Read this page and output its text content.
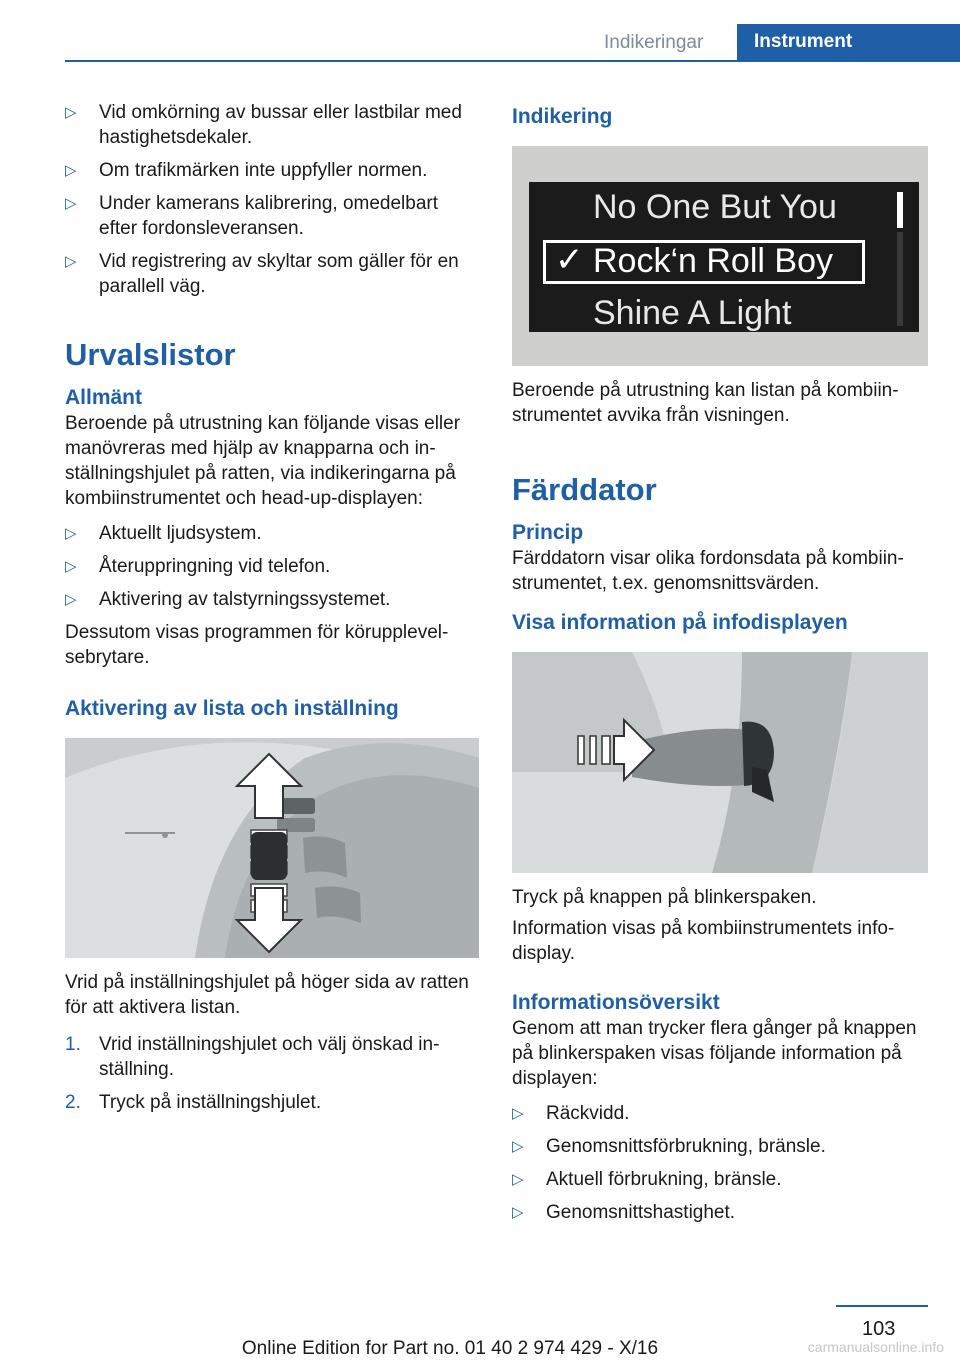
Indikeringar	Instrument
▷ Vid omkörning av bussar eller lastbilar med hastighetsdekaler.
▷ Om trafikmärken inte uppfyller normen.
▷ Under kamerans kalibrering, omedelbart efter fordonsleveransen.
▷ Vid registrering av skyltar som gäller för en parallell väg.
Urvalslistor
Allmänt

Beroende på utrustning kan följande visas eller manövreras med hjälp av knapparna och inställningshjulet på ratten, via indikeringarna på kombiinstrumentet och head-up-displayen:

▷ Aktuellt ljudsystem.
▷ Återuppringning vid telefon.
▷ Aktivering av talstyrningssystemet.

Dessutom visas programmen för körupplevelsebrytare.

Aktivering av lista och inställning

Vrid på inställningshjulet på höger sida av ratten för att aktivera listan.

1. Vrid inställningshjulet och välj önskad inställning.
2. Tryck på inställningshjulet.
Indikering
No One But You
✓ Rock‘n Roll Boy
Shine A Light

Beroende på utrustning kan listan på kombiinstrumentet avvika från visningen.

Färddator
Princip

Färddatorn visar olika fordonsdata på kombiinstrumentet, t.ex. genomsnittsvärden.

Visa information på infodisplayen

Tryck på knappen på blinkerspaken.

Information visas på kombiinstrumentets infodisplay.

Informationsöversikt

Genom att man trycker flera gånger på knappen på blinkerspaken visas följande information på displayen:

▷ Räckvidd.
▷ Genomsnittsförbrukning, bränsle.
▷ Aktuell förbrukning, bränsle.
▷ Genomsnittshastighet.
103
Online Edition for Part no. 01 40 2 974 429 - X/16	carmanualsonline.info
